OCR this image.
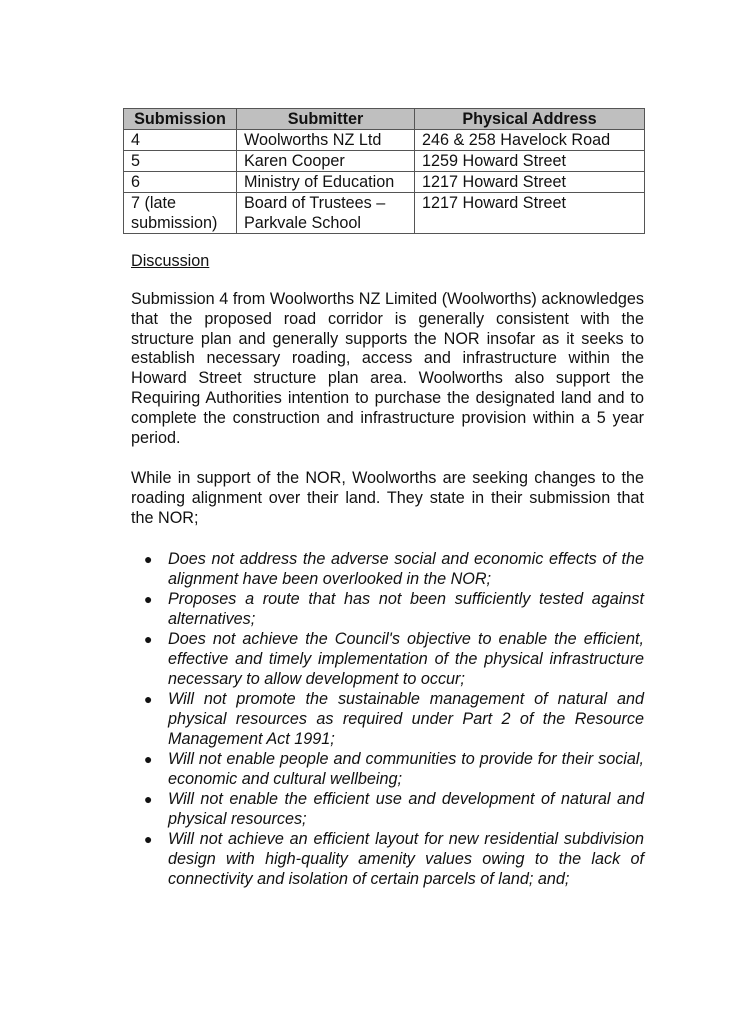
Submission	Submitter	Physical Address
4	Woolworths NZ Ltd	246 & 258 Havelock Road
5	Karen Cooper	1259 Howard Street
6	Ministry of Education	1217 Howard Street
7 (late submission)	Board of Trustees – Parkvale School	1217 Howard Street
Discussion

Submission 4 from Woolworths NZ Limited (Woolworths) acknowledges that the proposed road corridor is generally consistent with the structure plan and generally supports the NOR insofar as it seeks to establish necessary roading, access and infrastructure within the Howard Street structure plan area. Woolworths also support the Requiring Authorities intention to purchase the designated land and to complete the construction and infrastructure provision within a 5 year period.

While in support of the NOR, Woolworths are seeking changes to the roading alignment over their land. They state in their submission that the NOR;

● Does not address the adverse social and economic effects of the alignment have been overlooked in the NOR;
● Proposes a route that has not been sufficiently tested against alternatives;
● Does not achieve the Council's objective to enable the efficient, effective and timely implementation of the physical infrastructure necessary to allow development to occur;
● Will not promote the sustainable management of natural and physical resources as required under Part 2 of the Resource Management Act 1991;
● Will not enable people and communities to provide for their social, economic and cultural wellbeing;
● Will not enable the efficient use and development of natural and physical resources;
● Will not achieve an efficient layout for new residential subdivision design with high-quality amenity values owing to the lack of connectivity and isolation of certain parcels of land; and;
